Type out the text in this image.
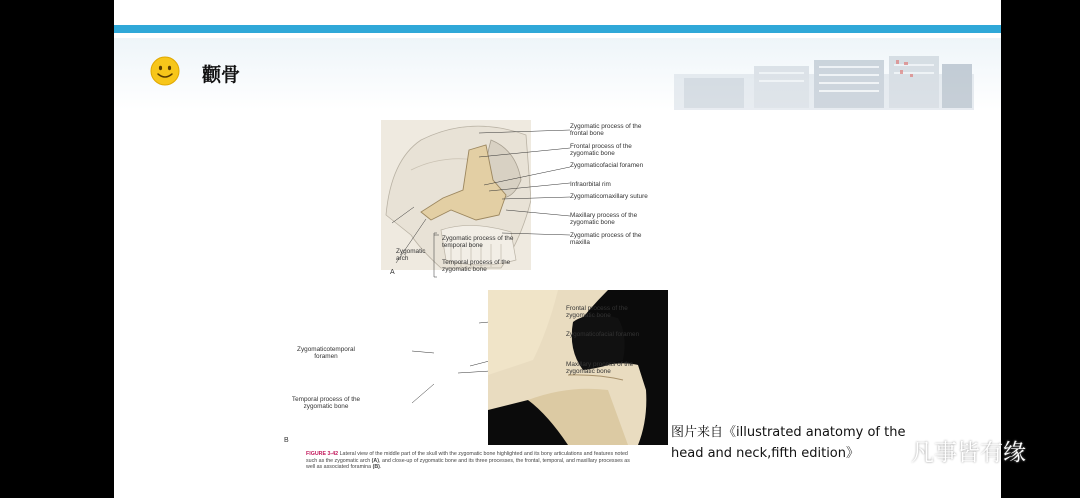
颧骨
A
Zygomatic process of the frontal bone
Frontal process of the zygomatic bone
Zygomaticofacial foramen
Infraorbital rim
Zygomaticomaxillary suture
Maxillary process of the zygomatic bone
Zygomatic process of the maxilla
Zygomatic process of the temporal bone
Temporal process of the zygomatic bone
Zygomatic arch
B
Frontal process of the zygomatic bone
Zygomaticofacial foramen
Maxillary process of the zygomatic bone
Zygomaticotemporal foramen
Temporal process of the zygomatic bone
FIGURE 3-42 Lateral view of the middle part of the skull with the zygomatic bone highlighted and its bony articulations and features noted such as the zygomatic arch (A), and close-up of zygomatic bone and its three processes, the frontal, temporal, and maxillary processes as well as associated foramina (B).
图片来自《illustrated anatomy of the
head and neck,fifth edition》	凡事皆有缘
